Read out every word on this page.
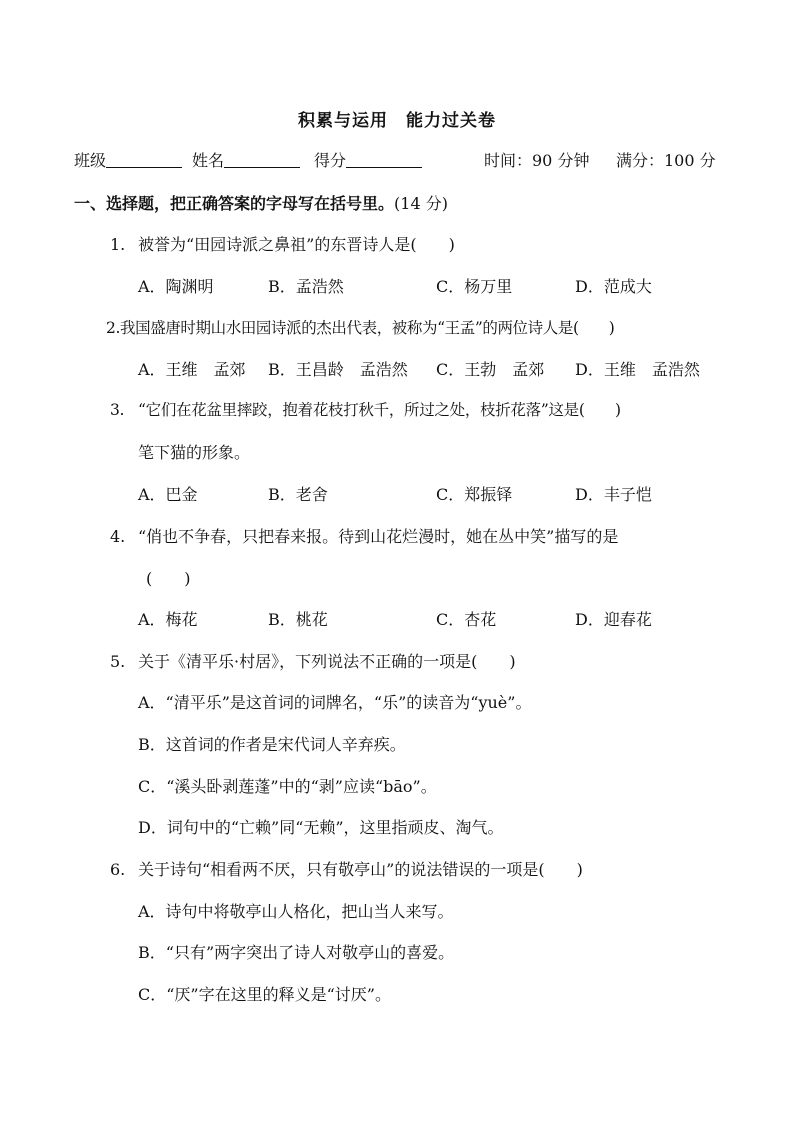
积累与运用　能力过关卷
班级	姓名	得分	时间：90 分钟 满分：100 分
一、选择题，把正确答案的字母写在括号里。(14 分)
1. 被誉为“田园诗派之鼻祖”的东晋诗人是(　　)
A．陶渊明	B．孟浩然	C．杨万里	D．范成大
2.我国盛唐时期山水田园诗派的杰出代表，被称为“王孟”的两位诗人是(　　)
A．王维　孟郊 B．王昌龄　孟浩然 C．王勃　孟郊 D．王维　孟浩然
3. “它们在花盆里摔跤，抱着花枝打秋千，所过之处，枝折花落”这是(　　)
笔下猫的形象。
A．巴金	B．老舍	C．郑振铎	D．丰子恺
4. “俏也不争春，只把春来报。待到山花烂漫时，她在丛中笑”描写的是
(　　)
A．梅花	B．桃花	C．杏花	D．迎春花
5. 关于《清平乐·村居》，下列说法不正确的一项是(　　)
A．“清平乐”是这首词的词牌名，“乐”的读音为“yuè”。
B．这首词的作者是宋代词人辛弃疾。
C．“溪头卧剥莲蓬”中的“剥”应读“bāo”。
D．词句中的“亡赖”同“无赖”，这里指顽皮、淘气。
6. 关于诗句“相看两不厌，只有敬亭山”的说法错误的一项是(　　)
A．诗句中将敬亭山人格化，把山当人来写。
B．“只有”两字突出了诗人对敬亭山的喜爱。
C．“厌”字在这里的释义是“讨厌”。
